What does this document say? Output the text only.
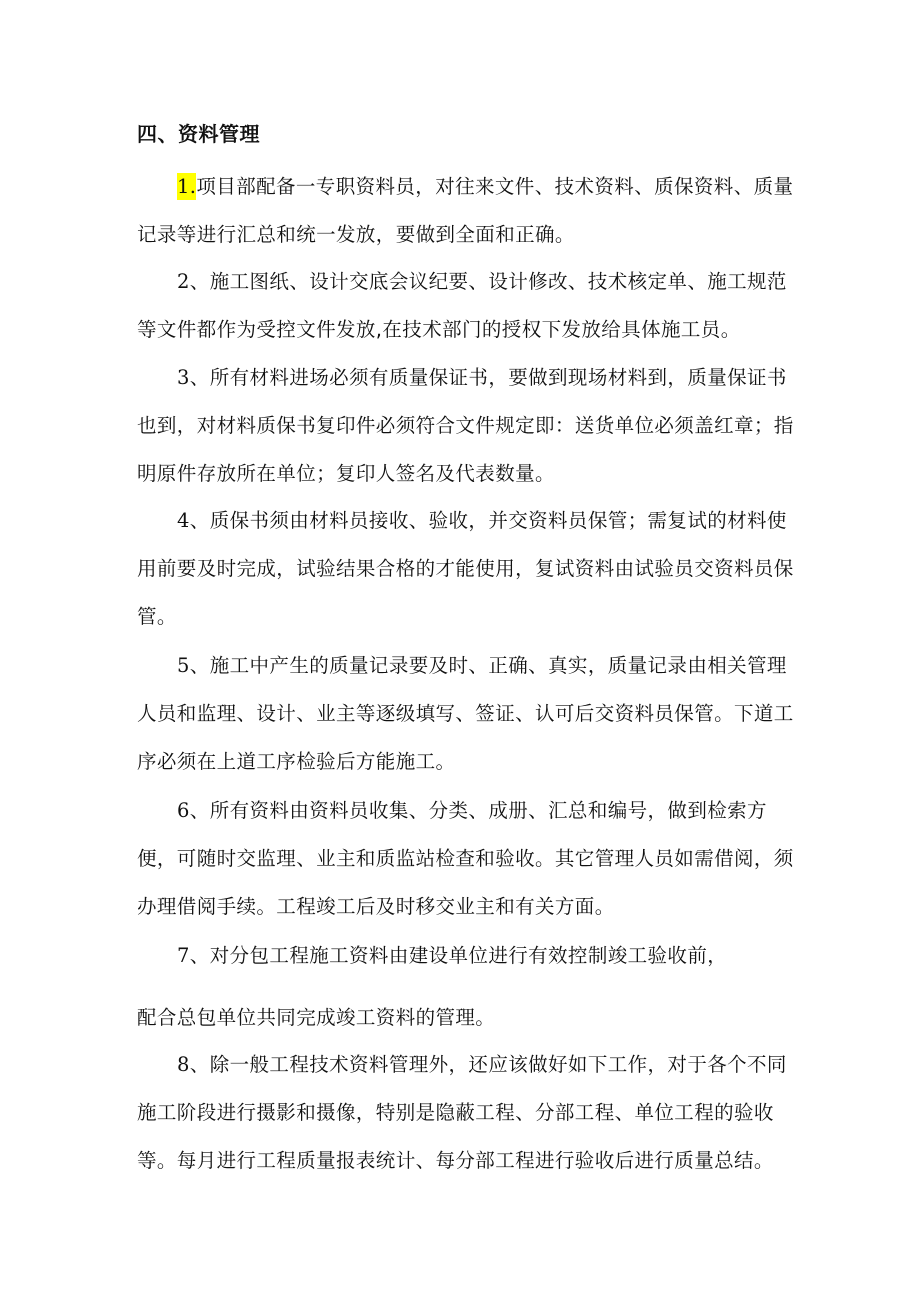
四、资料管理

1.项目部配备一专职资料员，对往来文件、技术资料、质保资料、质量记录等进行汇总和统一发放，要做到全面和正确。

2、施工图纸、设计交底会议纪要、设计修改、技术核定单、施工规范等文件都作为受控文件发放,在技术部门的授权下发放给具体施工员。

3、所有材料进场必须有质量保证书，要做到现场材料到，质量保证书也到，对材料质保书复印件必须符合文件规定即：送货单位必须盖红章；指明原件存放所在单位；复印人签名及代表数量。

4、质保书须由材料员接收、验收，并交资料员保管；需复试的材料使用前要及时完成，试验结果合格的才能使用，复试资料由试验员交资料员保管。

5、施工中产生的质量记录要及时、正确、真实，质量记录由相关管理人员和监理、设计、业主等逐级填写、签证、认可后交资料员保管。下道工序必须在上道工序检验后方能施工。

6、所有资料由资料员收集、分类、成册、汇总和编号，做到检索方便，可随时交监理、业主和质监站检查和验收。其它管理人员如需借阅，须办理借阅手续。工程竣工后及时移交业主和有关方面。

7、对分包工程施工资料由建设单位进行有效控制竣工验收前，

配合总包单位共同完成竣工资料的管理。

8、除一般工程技术资料管理外，还应该做好如下工作，对于各个不同施工阶段进行摄影和摄像，特别是隐蔽工程、分部工程、单位工程的验收等。每月进行工程质量报表统计、每分部工程进行验收后进行质量总结。
